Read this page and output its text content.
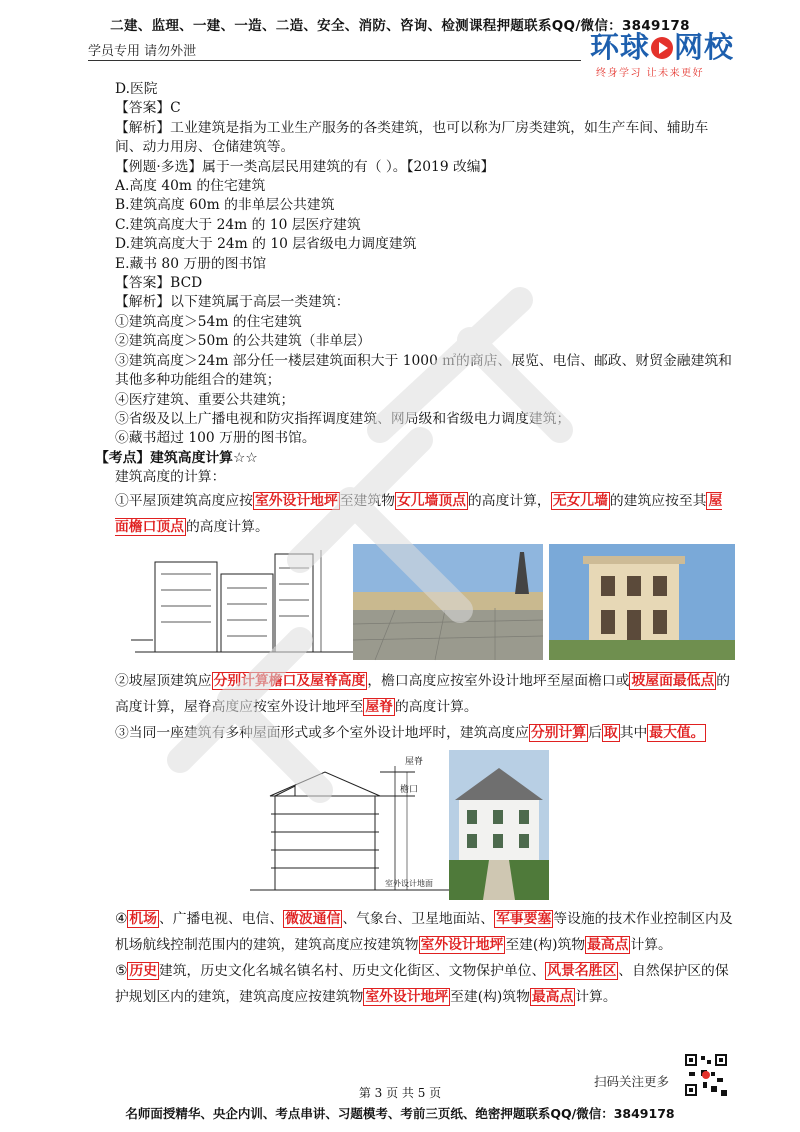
二建、监理、一建、一造、二造、安全、消防、咨询、检测课程押题联系QQ/微信：3849178
学员专用 请勿外泄	环球 网校
终身学习 让未来更好

D.医院

【答案】C

【解析】工业建筑是指为工业生产服务的各类建筑，也可以称为厂房类建筑，如生产车间、辅助车间、动力用房、仓储建筑等。

【例题·多选】属于一类高层民用建筑的有（ ）。【2019 改编】

A.高度 40m 的住宅建筑

B.建筑高度 60m 的非单层公共建筑

C.建筑高度大于 24m 的 10 层医疗建筑

D.建筑高度大于 24m 的 10 层省级电力调度建筑

E.藏书 80 万册的图书馆

【答案】BCD

【解析】以下建筑属于高层一类建筑：

①建筑高度＞54m 的住宅建筑

②建筑高度＞50m 的公共建筑（非单层）

③建筑高度＞24m 部分任一楼层建筑面积大于 1000 ㎡的商店、展览、电信、邮政、财贸金融建筑和其他多种功能组合的建筑；

④医疗建筑、重要公共建筑；

⑤省级及以上广播电视和防灾指挥调度建筑、网局级和省级电力调度建筑；

⑥藏书超过 100 万册的图书馆。

【考点】建筑高度计算☆☆

建筑高度的计算：

①平屋顶建筑高度应按 室外设计地坪 至建筑物 女儿墙顶点 的高度计算， 无女儿墙 的建筑应按至其 屋面檐口顶点 的高度计算。

②坡屋顶建筑应 分别计算檐口及屋脊高度 ，檐口高度应按室外设计地坪至屋面檐口或 坡屋面最低点 的高度计算，屋脊高度应按室外设计地坪至 屋脊 的高度计算。

③当同一座建筑有多种屋面形式或多个室外设计地坪时，建筑高度应 分别计算 后 取 其中 最大值。

屋脊
檐口
室外设计地面

④ 机场 、广播电视、电信、 微波通信 、气象台、卫星地面站、 军事要塞 等设施的技术作业控制区内及机场航线控制范围内的建筑，建筑高度应按建筑物 室外设计地坪 至建(构)筑物 最高点 计算。

⑤ 历史 建筑，历史文化名城名镇名村、历史文化街区、文物保护单位、 风景名胜区 、自然保护区的保护规划区内的建筑，建筑高度应按建筑物 室外设计地坪 至建(构)筑物 最高点 计算。

扫码关注更多
第 3 页 共 5 页
名师面授精华、央企内训、考点串讲、习题模考、考前三页纸、绝密押题联系QQ/微信：3849178
